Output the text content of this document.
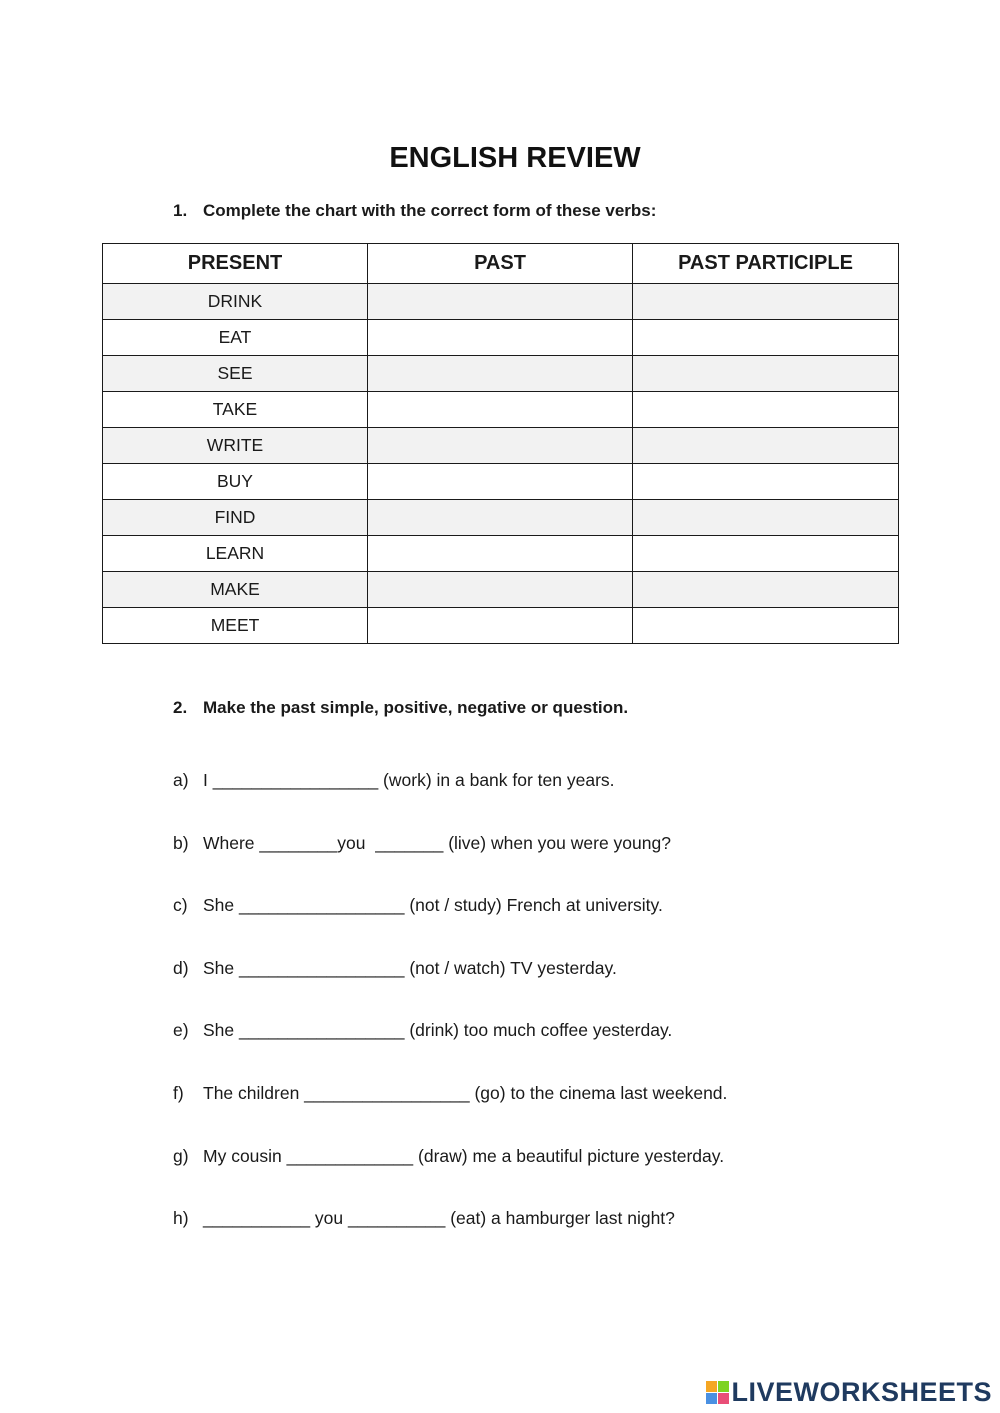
ENGLISH REVIEW
1. Complete the chart with the correct form of these verbs:
PRESENT	PAST	PAST PARTICIPLE
DRINK		
EAT		
SEE		
TAKE		
WRITE		
BUY		
FIND		
LEARN		
MAKE		
MEET		
2. Make the past simple, positive, negative or question.
a) I _________________ (work) in a bank for ten years.
b) Where ________you  _______ (live) when you were young?
c) She _________________ (not / study) French at university.
d) She _________________ (not / watch) TV yesterday.
e) She _________________ (drink) too much coffee yesterday.
f) The children _________________ (go) to the cinema last weekend.
g) My cousin _____________ (draw) me a beautiful picture yesterday.
h) ___________ you __________ (eat) a hamburger last night?
LIVEWORKSHEETS
